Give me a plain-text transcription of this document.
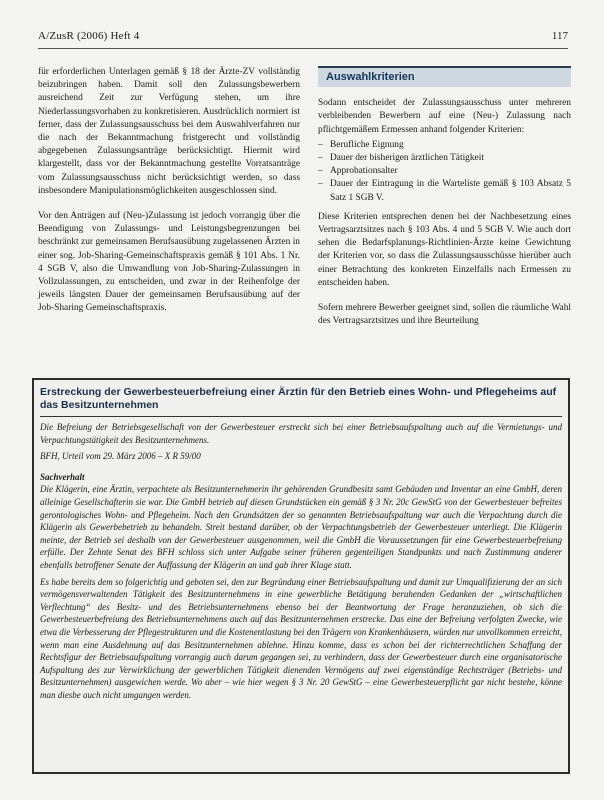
A/ZusR (2006) Heft 4	117

für erforderlichen Unterlagen gemäß § 18 der Ärzte-ZV vollständig beizubringen haben. Damit soll den Zulassungsbewerbern ausreichend Zeit zur Verfügung stehen, um ihre Niederlassungsvorhaben zu konkretisieren. Ausdrücklich normiert ist ferner, dass der Zulassungsausschuss bei dem Auswahlverfahren nur die nach der Bekanntmachung fristgerecht und vollständig abgegebenen Zulassungsanträge berücksichtigt. Hiermit wird klargestellt, dass vor der Bekanntmachung gestellte Vorratsanträge vom Zulassungsausschuss nicht berücksichtigt werden, so dass insbesondere Manipulationsmöglichkeiten ausgeschlossen sind.

Vor den Anträgen auf (Neu-)Zulassung ist jedoch vorrangig über die Beendigung von Zulassungs- und Leistungsbegrenzungen bei beschränkt zur gemeinsamen Berufsausübung zugelassenen Ärzten in einer sog. Job-Sharing-Gemeinschaftspraxis gemäß § 101 Abs. 1 Nr. 4 SGB V, also die Umwandlung von Job-Sharing-Zulassungen in Vollzulassungen, zu entscheiden, und zwar in der Reihenfolge der jeweils längsten Dauer der gemeinsamen Berufsausübung auf der Job-Sharing Gemeinschaftspraxis.

Auswahlkriterien

Sodann entscheidet der Zulassungsausschuss unter mehreren verbleibenden Bewerbern auf eine (Neu-) Zulassung nach pflichtgemäßem Ermessen anhand folgender Kriterien:

– Berufliche Eignung
– Dauer der bisherigen ärztlichen Tätigkeit
– Approbationsalter
– Dauer der Eintragung in die Warteliste gemäß § 103 Absatz 5 Satz 1 SGB V.

Diese Kriterien entsprechen denen bei der Nachbesetzung eines Vertragsarztsitzes nach § 103 Abs. 4 und 5 SGB V. Wie auch dort sehen die Bedarfsplanungs-Richtlinien-Ärzte keine Gewichtung der Kriterien vor, so dass die Zulassungsausschüsse hierüber auch einer Betrachtung des konkreten Einzelfalls nach Ermessen zu entscheiden haben.

Sofern mehrere Bewerber geeignet sind, sollen die räumliche Wahl des Vertragsarztsitzes und ihre Beurteilung

Erstreckung der Gewerbesteuerbefreiung einer Ärztin für den Betrieb eines Wohn- und Pflegeheims auf das Besitzunternehmen

Die Befreiung der Betriebsgesellschaft von der Gewerbesteuer erstreckt sich bei einer Betriebsaufspaltung auch auf die Vermietungs- und Verpachtungstätigkeit des Besitzunternehmens.

BFH, Urteil vom 29. März 2006 – X R 59/00

Sachverhalt

Die Klägerin, eine Ärztin, verpachtete als Besitzunternehmerin ihr gehörenden Grundbesitz samt Gebäuden und Inventar an eine GmbH, deren alleinige Gesellschafterin sie war. Die GmbH betrieb auf diesen Grundstücken ein gemäß § 3 Nr. 20c GewStG von der Gewerbesteuer befreites gerontologisches Wohn- und Pflegeheim. Nach den Grundsätzen der so genannten Betriebsaufspaltung war auch die Verpachtung durch die Klägerin als Gewerbebetrieb zu behandeln. Streit bestand darüber, ob der Verpachtungsbetrieb der Gewerbesteuer unterliegt. Die Klägerin meinte, der Betrieb sei deshalb von der Gewerbesteuer ausgenommen, weil die GmbH die Voraussetzungen für eine Gewerbesteuerbefreiung erfülle. Der Zehnte Senat des BFH schloss sich unter Aufgabe seiner früheren gegenteiligen Standpunkts und nach Zustimmung anderer ebenfalls betroffener Senate der Auffassung der Klägerin an und gab ihrer Klage statt.

Es habe bereits dem so folgerichtig und geboten sei, den zur Begründung einer Betriebsaufspaltung und damit zur Umqualifizierung der an sich vermögensverwaltenden Tätigkeit des Besitzunternehmens in eine gewerbliche Betätigung beruhenden Gedanken der „wirtschaftlichen Verflechtung“ des Besitz- und des Betriebsunternehmens ebenso bei der Beantwortung der Frage heranzuziehen, ob sich die Gewerbesteuerbefreiung des Betriebsunternehmens auch auf das Besitzunternehmen erstrecke. Das eine der Befreiung verfolgten Zwecke, wie etwa die Verbesserung der Pflegestrukturen und die Kostenentlastung bei den Trägern von Krankenhäusern, würden nur unvollkommen erreicht, wenn man eine Ausdehnung auf das Besitzunternehmen ablehne. Hinzu komme, dass es schon bei der richterrechtlichen Schaffung der Rechtsfigur der Betriebsaufspaltung vorrangig auch darum gegangen sei, zu verhindern, dass der Gewerbesteuer durch eine organisatorische Aufspaltung des zur Verwirklichung der gewerblichen Tätigkeit dienenden Vermögens auf zwei eigenständige Rechtsträger (Betriebs- und Besitzunternehmen) ausgewichen werde. Wo aber – wie hier wegen § 3 Nr. 20 GewStG – eine Gewerbesteuerpflicht gar nicht bestehe, könne man diesbe auch nicht umgangen werden.
